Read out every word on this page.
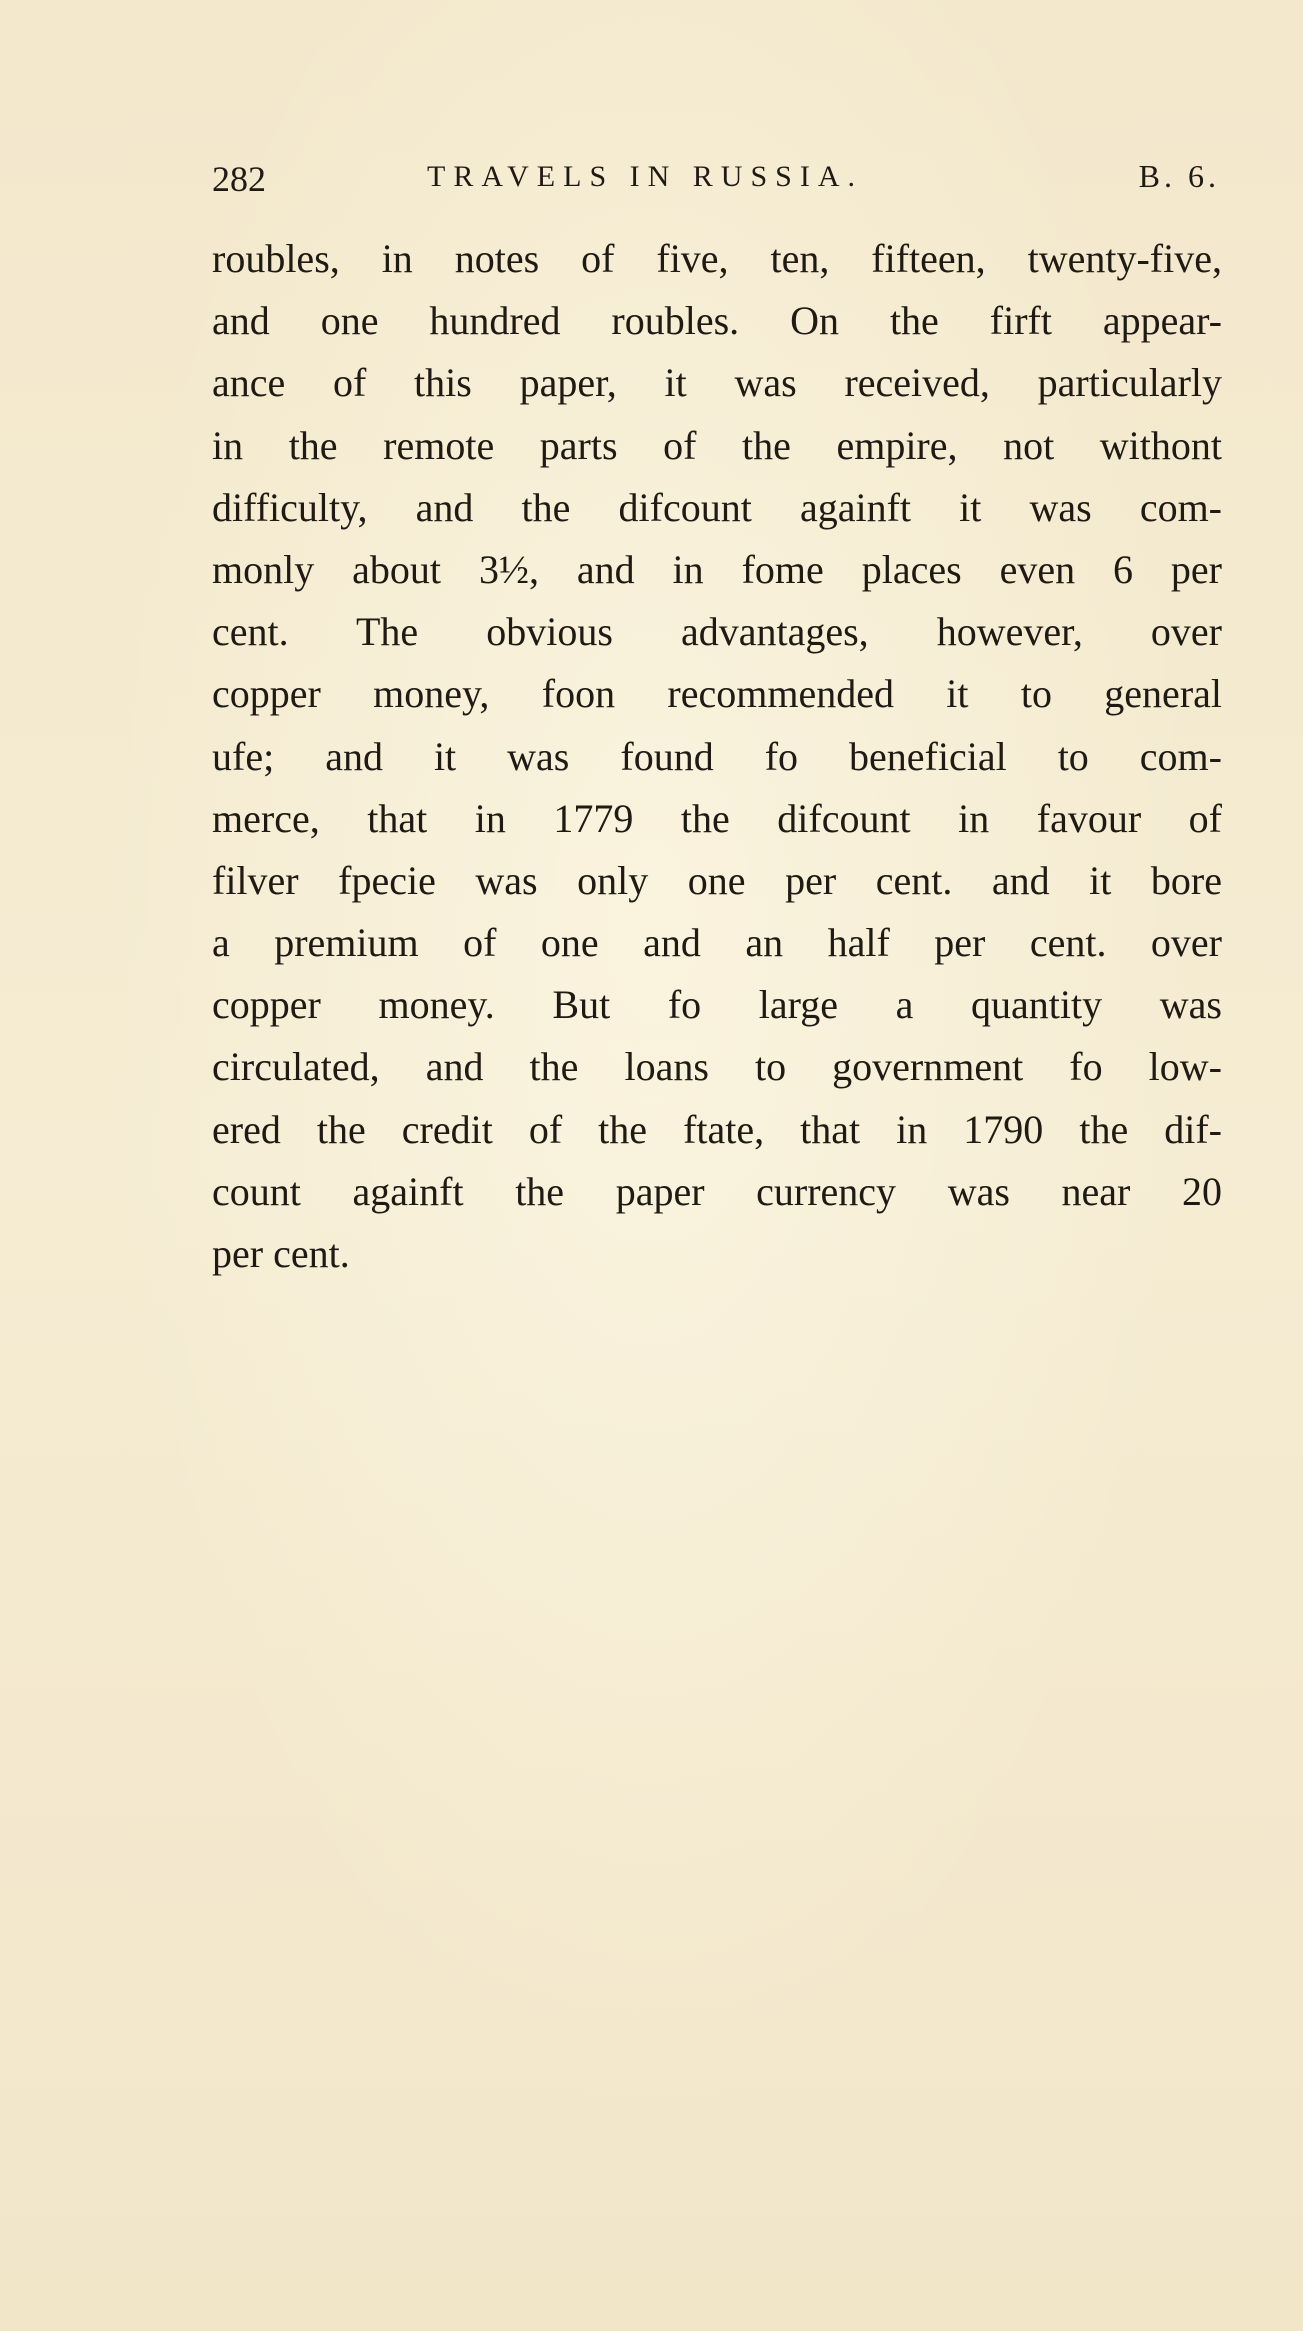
282	TRAVELS IN RUSSIA.	B. 6.
roubles, in notes of five, ten, fifteen, twenty-five,
and one hundred roubles. On the firft appear-
ance of this paper, it was received, particularly
in the remote parts of the empire, not withont
difficulty, and the difcount againft it was com-
monly about 3½, and in fome places even 6 per
cent. The obvious advantages, however, over
copper money, foon recommended it to general
ufe; and it was found fo beneficial to com-
merce, that in 1779 the difcount in favour of
filver fpecie was only one per cent. and it bore
a premium of one and an half per cent. over
copper money. But fo large a quantity was
circulated, and the loans to government fo low-
ered the credit of the ftate, that in 1790 the dif-
count againft the paper currency was near 20
per cent.
